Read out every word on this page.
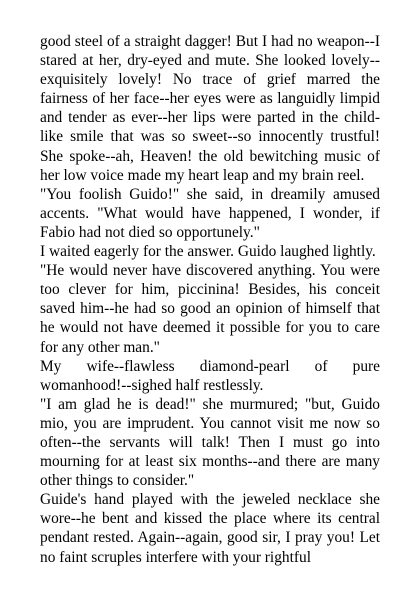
good steel of a straight dagger! But I had no weapon--I stared at her, dry-eyed and mute. She looked lovely--exquisitely lovely! No trace of grief marred the fairness of her face--her eyes were as languidly limpid and tender as ever--her lips were parted in the child-like smile that was so sweet--so innocently trustful! She spoke--ah, Heaven! the old bewitching music of her low voice made my heart leap and my brain reel.

"You foolish Guido!" she said, in dreamily amused accents. "What would have happened, I wonder, if Fabio had not died so opportunely."

I waited eagerly for the answer. Guido laughed lightly.

"He would never have discovered anything. You were too clever for him, piccinina! Besides, his conceit saved him--he had so good an opinion of himself that he would not have deemed it possible for you to care for any other man."

My wife--flawless diamond-pearl of pure womanhood!--sighed half restlessly.

"I am glad he is dead!" she murmured; "but, Guido mio, you are imprudent. You cannot visit me now so often--the servants will talk! Then I must go into mourning for at least six months--and there are many other things to consider."

Guide's hand played with the jeweled necklace she wore--he bent and kissed the place where its central pendant rested. Again--again, good sir, I pray you! Let no faint scruples interfere with your rightful
